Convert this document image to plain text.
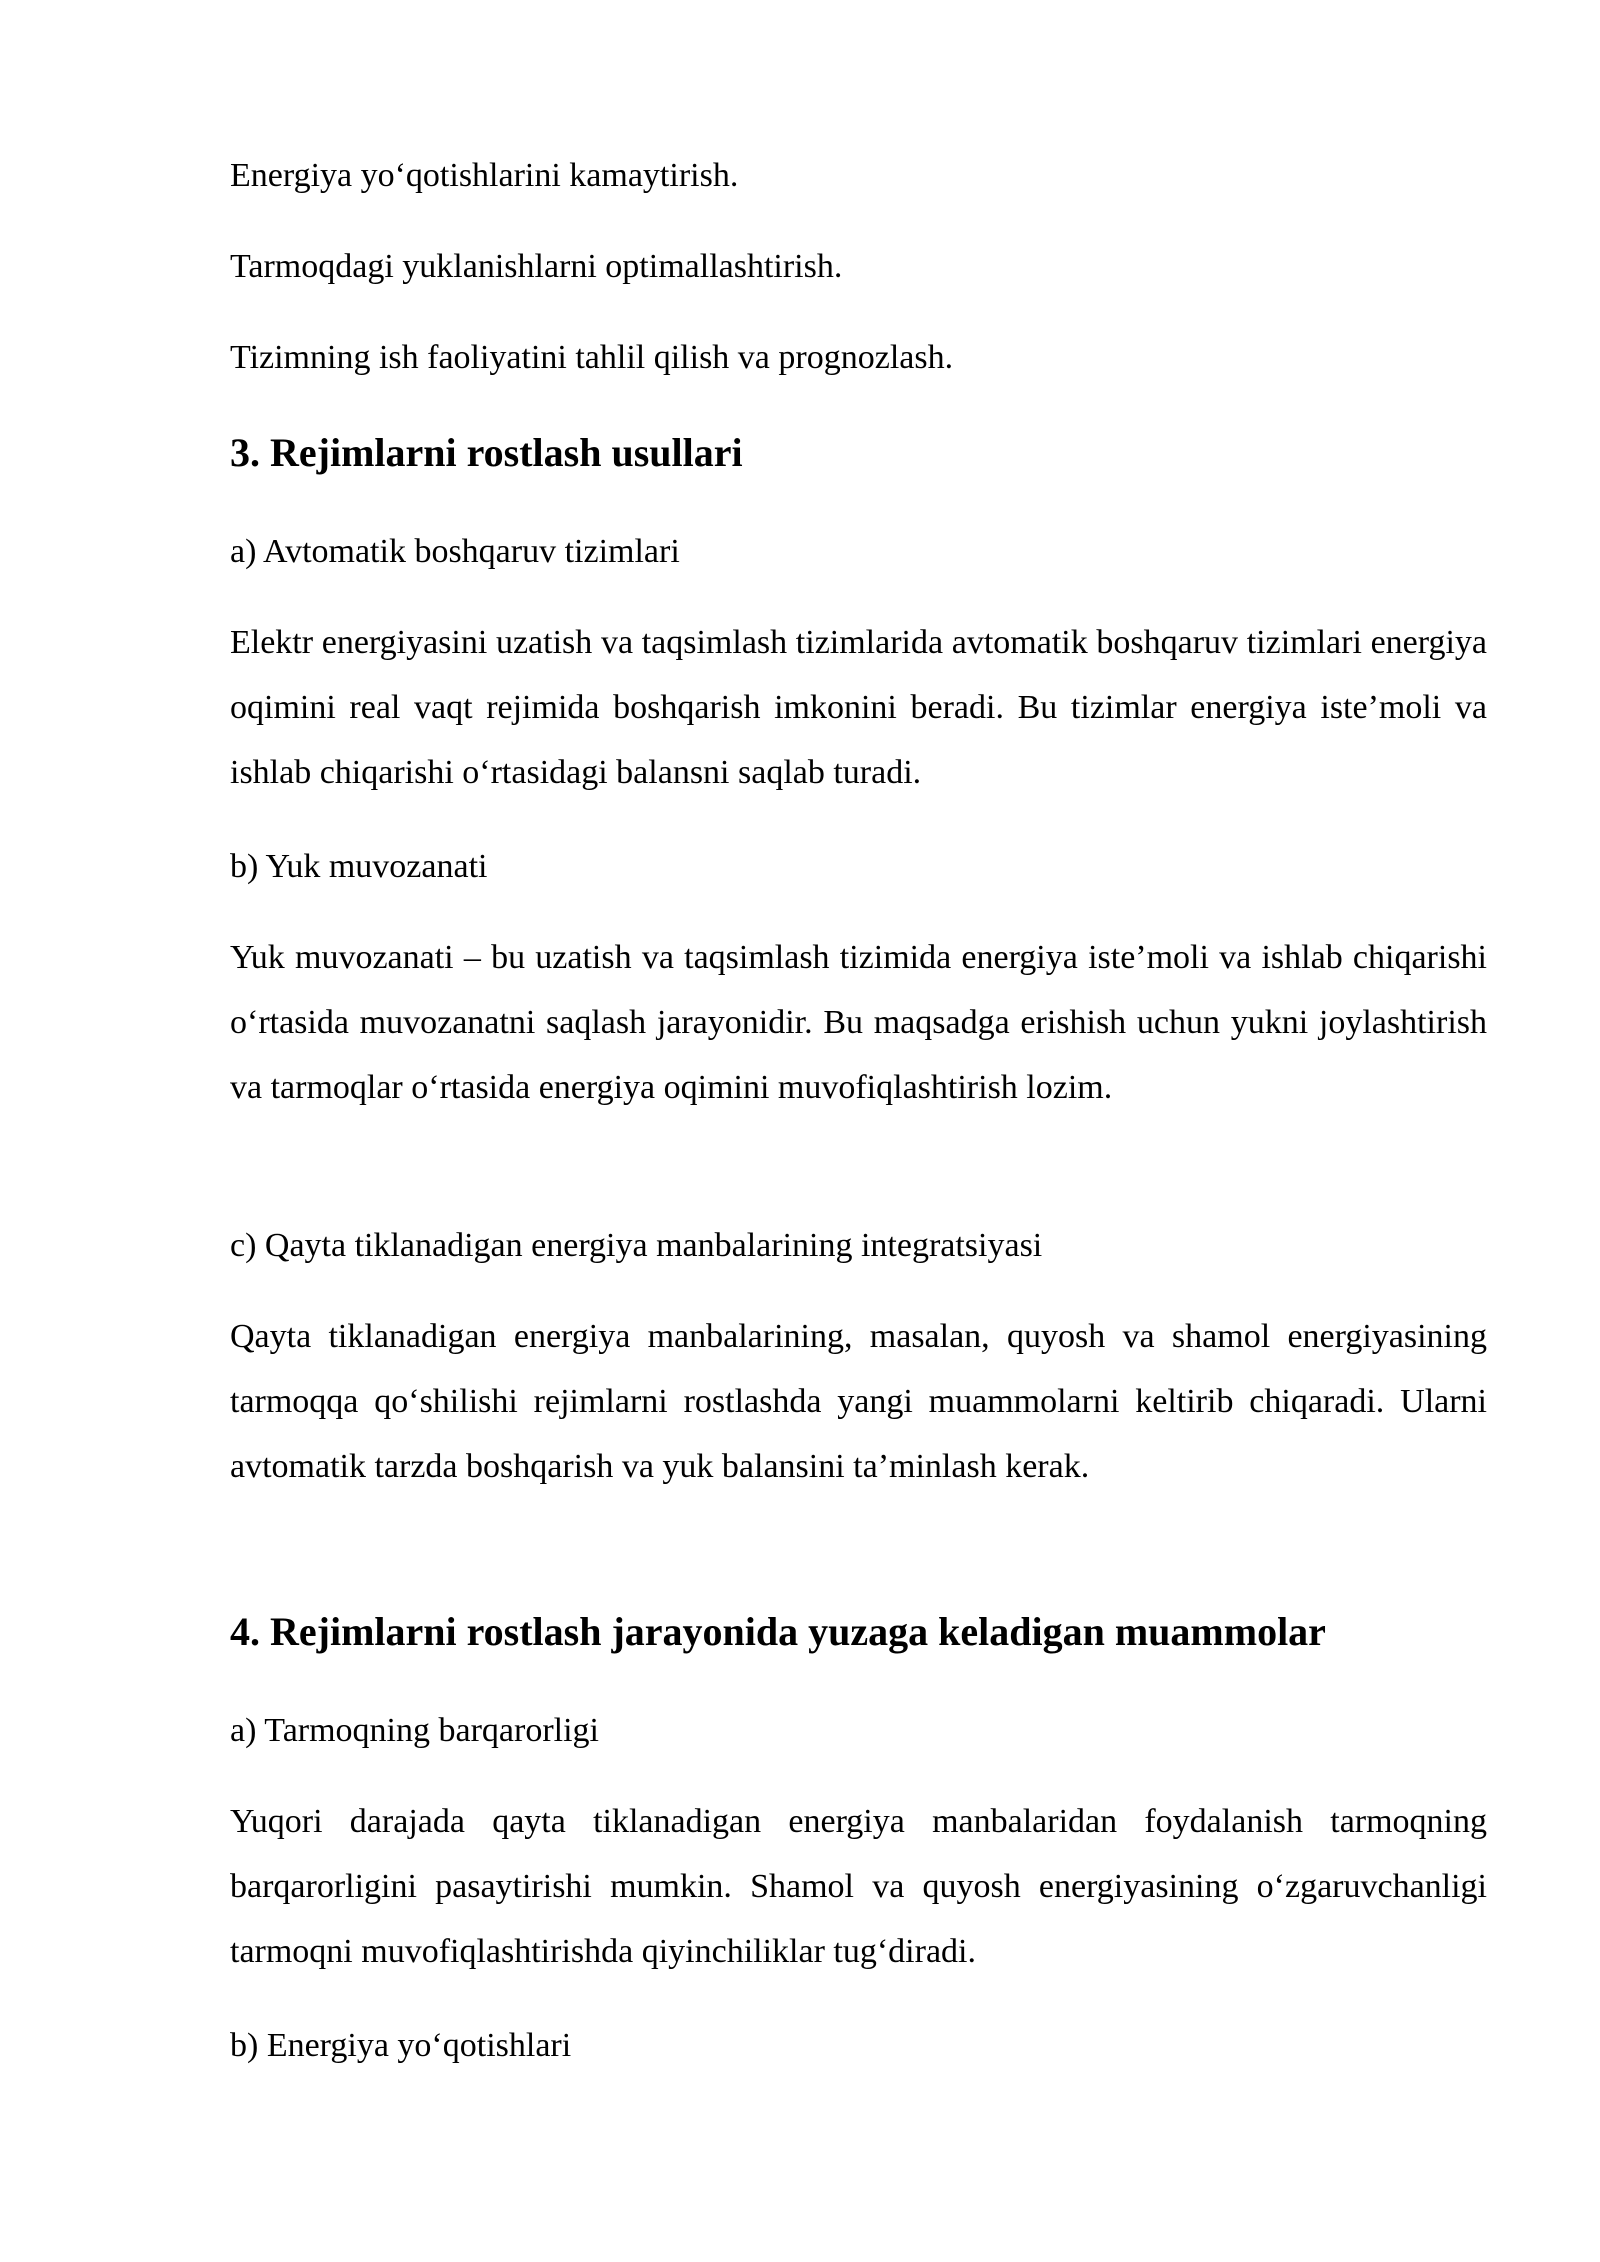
Energiya yo‘qotishlarini kamaytirish.

Tarmoqdagi yuklanishlarni optimallashtirish.

Tizimning ish faoliyatini tahlil qilish va prognozlash.

3. Rejimlarni rostlash usullari

a) Avtomatik boshqaruv tizimlari

Elektr energiyasini uzatish va taqsimlash tizimlarida avtomatik boshqaruv tizimlari energiya oqimini real vaqt rejimida boshqarish imkonini beradi. Bu tizimlar energiya iste’moli va ishlab chiqarishi o‘rtasidagi balansni saqlab turadi.

b) Yuk muvozanati

Yuk muvozanati – bu uzatish va taqsimlash tizimida energiya iste’moli va ishlab chiqarishi o‘rtasida muvozanatni saqlash jarayonidir. Bu maqsadga erishish uchun yukni joylashtirish va tarmoqlar o‘rtasida energiya oqimini muvofiqlashtirish lozim.

c) Qayta tiklanadigan energiya manbalarining integratsiyasi

Qayta tiklanadigan energiya manbalarining, masalan, quyosh va shamol energiyasining tarmoqqa qo‘shilishi rejimlarni rostlashda yangi muammolarni keltirib chiqaradi. Ularni avtomatik tarzda boshqarish va yuk balansini ta’minlash kerak.

4. Rejimlarni rostlash jarayonida yuzaga keladigan muammolar

a) Tarmoqning barqarorligi

Yuqori darajada qayta tiklanadigan energiya manbalaridan foydalanish tarmoqning barqarorligini pasaytirishi mumkin. Shamol va quyosh energiyasining o‘zgaruvchanligi tarmoqni muvofiqlashtirishda qiyinchiliklar tug‘diradi.

b) Energiya yo‘qotishlari
